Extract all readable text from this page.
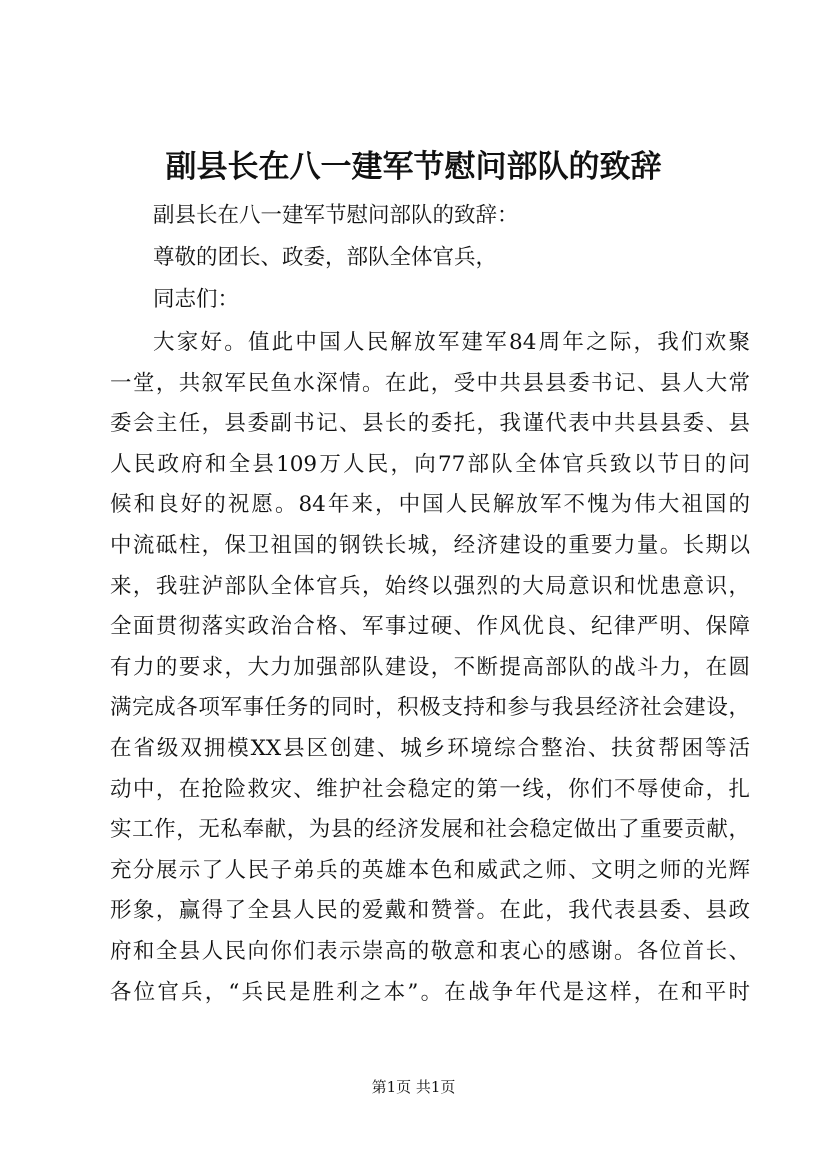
副县长在八一建军节慰问部队的致辞
副县长在八一建军节慰问部队的致辞：
尊敬的团长、政委，部队全体官兵，
同志们：
大家好。值此中国人民解放军建军84周年之际，我们欢聚
一堂，共叙军民鱼水深情。在此，受中共县县委书记、县人大常
委会主任，县委副书记、县长的委托，我谨代表中共县县委、县
人民政府和全县109万人民，向77部队全体官兵致以节日的问
候和良好的祝愿。84年来，中国人民解放军不愧为伟大祖国的
中流砥柱，保卫祖国的钢铁长城，经济建设的重要力量。长期以
来，我驻泸部队全体官兵，始终以强烈的大局意识和忧患意识，
全面贯彻落实政治合格、军事过硬、作风优良、纪律严明、保障
有力的要求，大力加强部队建设，不断提高部队的战斗力，在圆
满完成各项军事任务的同时，积极支持和参与我县经济社会建设，
在省级双拥模XX县区创建、城乡环境综合整治、扶贫帮困等活
动中，在抢险救灾、维护社会稳定的第一线，你们不辱使命，扎
实工作，无私奉献，为县的经济发展和社会稳定做出了重要贡献，
充分展示了人民子弟兵的英雄本色和威武之师、文明之师的光辉
形象，赢得了全县人民的爱戴和赞誉。在此，我代表县委、县政
府和全县人民向你们表示崇高的敬意和衷心的感谢。各位首长、
各位官兵，“兵民是胜利之本”。在战争年代是这样，在和平时
第1页 共1页
